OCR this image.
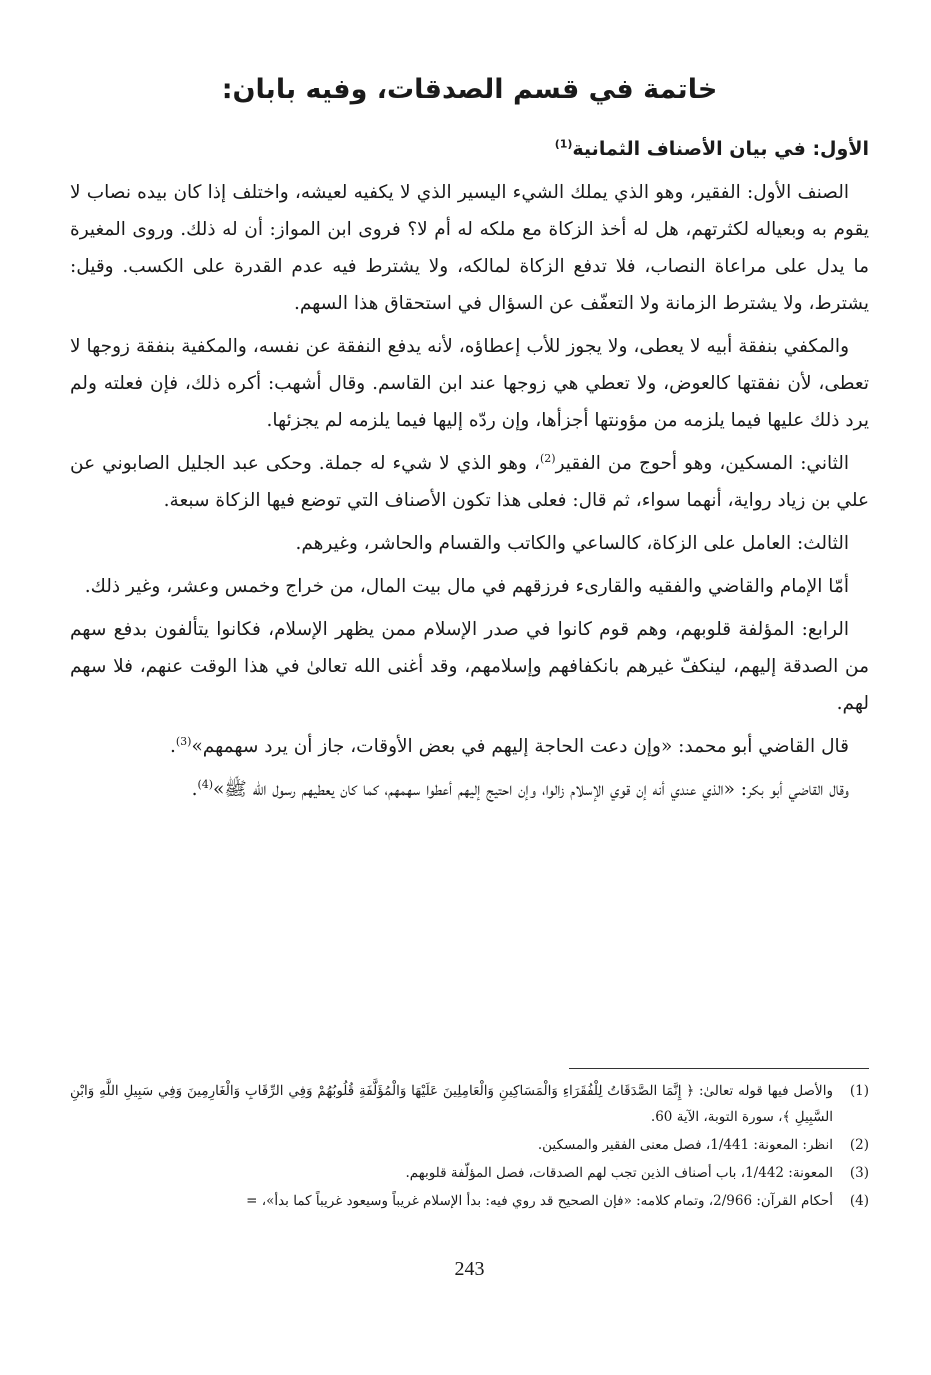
خاتمة في قسم الصدقات، وفيه بابان:

الأول: في بيان الأصناف الثمانية$^{(1)}$

الصنف الأول: الفقير، وهو الذي يملك الشيء اليسير الذي لا يكفيه لعيشه، واختلف إذا كان بيده نصاب لا يقوم به وبعياله لكثرتهم، هل له أخذ الزكاة مع ملكه له أم لا؟ فروى ابن المواز: أن له ذلك. وروى المغيرة ما يدل على مراعاة النصاب، فلا تدفع الزكاة لمالكه، ولا يشترط فيه عدم القدرة على الكسب. وقيل: يشترط، ولا يشترط الزمانة ولا التعفّف عن السؤال في استحقاق هذا السهم.

والمكفي بنفقة أبيه لا يعطى، ولا يجوز للأب إعطاؤه، لأنه يدفع النفقة عن نفسه، والمكفية بنفقة زوجها لا تعطى، لأن نفقتها كالعوض، ولا تعطي هي زوجها عند ابن القاسم. وقال أشهب: أكره ذلك، فإن فعلته ولم يرد ذلك عليها فيما يلزمه من مؤونتها أجزأها، وإن ردّه إليها فيما يلزمه لم يجزئها.

الثاني: المسكين، وهو أحوج من الفقير$^{(2)}$، وهو الذي لا شيء له جملة. وحكى عبد الجليل الصابوني عن علي بن زياد رواية، أنهما سواء، ثم قال: فعلى هذا تكون الأصناف التي توضع فيها الزكاة سبعة.

الثالث: العامل على الزكاة، كالساعي والكاتب والقسام والحاشر، وغيرهم.

أمّا الإمام والقاضي والفقيه والقارىء فرزقهم في مال بيت المال، من خراج وخمس وعشر، وغير ذلك.

الرابع: المؤلفة قلوبهم، وهم قوم كانوا في صدر الإسلام ممن يظهر الإسلام، فكانوا يتألفون بدفع سهم من الصدقة إليهم، لينكفّ غيرهم بانكفافهم وإسلامهم، وقد أغنى الله تعالىٰ في هذا الوقت عنهم، فلا سهم لهم.

قال القاضي أبو محمد: «وإن دعت الحاجة إليهم في بعض الأوقات، جاز أن يرد سهمهم»$^{(3)}$.

وقال القاضي أبو بكر: «الذي عندي أنه إن قوي الإسلام زالوا، وإن احتيج إليهم أعطوا سهمهم، كما كان يعطيهم رسول الله ﷺ»$^{(4)}$.

(1)
والأصل فيها قوله تعالىٰ: ﴿ إِنَّمَا الصَّدَقَاتُ لِلْفُقَرَاءِ وَالْمَسَاكِينِ وَالْعَامِلِينَ عَلَيْهَا وَالْمُؤَلَّفَةِ قُلُوبُهُمْ وَفِي الرِّقَابِ وَالْغَارِمِينَ وَفِي سَبِيلِ اللَّهِ وَابْنِ السَّبِيلِ ﴾، سورة التوبة، الآية 60.
(2)
انظر: المعونة: 1/441، فصل معنى الفقير والمسكين.
(3)
المعونة: 1/442، باب أصناف الذين تجب لهم الصدقات، فصل المؤلّفة قلوبهم.
(4)
أحكام القرآن: 2/966، وتمام كلامه: «فإن الصحيح قد روي فيه: بدأ الإسلام غريباً وسيعود غريباً كما بدأ»، =
243
